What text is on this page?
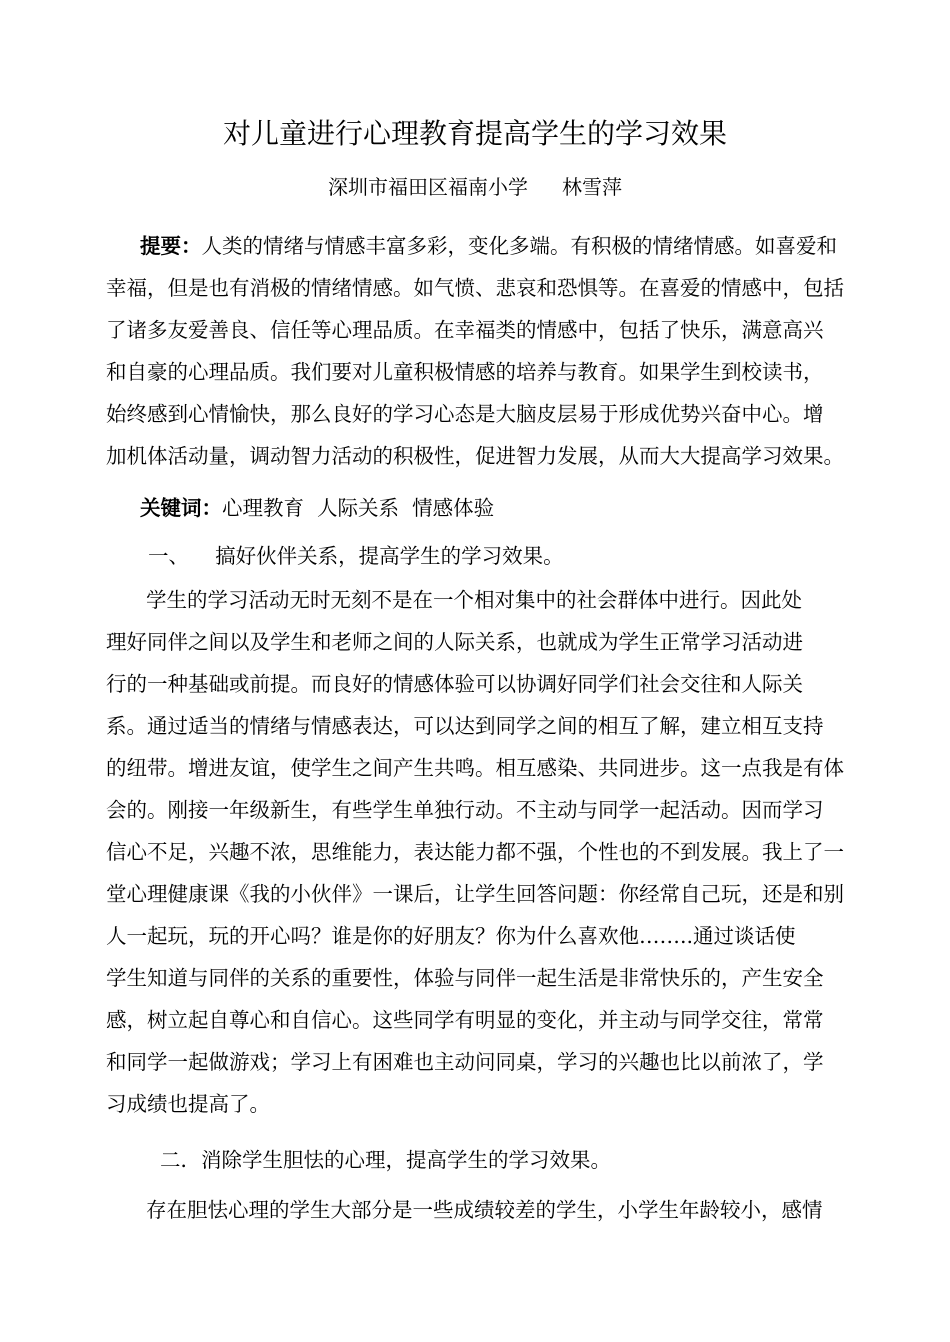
对儿童进行心理教育提高学生的学习效果
深圳市福田区福南小学 林雪萍
提要：人类的情绪与情感丰富多彩，变化多端。有积极的情绪情感。如喜爱和
幸福，但是也有消极的情绪情感。如气愤、悲哀和恐惧等。在喜爱的情感中，包括
了诸多友爱善良、信任等心理品质。在幸福类的情感中，包括了快乐，满意高兴
和自豪的心理品质。我们要对儿童积极情感的培养与教育。如果学生到校读书，
始终感到心情愉快，那么良好的学习心态是大脑皮层易于形成优势兴奋中心。增
加机体活动量，调动智力活动的积极性，促进智力发展，从而大大提高学习效果。
关键词：心理教育  人际关系  情感体验
一、    搞好伙伴关系，提高学生的学习效果。
学生的学习活动无时无刻不是在一个相对集中的社会群体中进行。因此处
理好同伴之间以及学生和老师之间的人际关系，也就成为学生正常学习活动进
行的一种基础或前提。而良好的情感体验可以协调好同学们社会交往和人际关
系。通过适当的情绪与情感表达，可以达到同学之间的相互了解，建立相互支持
的纽带。增进友谊，使学生之间产生共鸣。相互感染、共同进步。这一点我是有体
会的。刚接一年级新生，有些学生单独行动。不主动与同学一起活动。因而学习
信心不足，兴趣不浓，思维能力，表达能力都不强，个性也的不到发展。我上了一
堂心理健康课《我的小伙伴》一课后，让学生回答问题：你经常自己玩，还是和别
人一起玩，玩的开心吗？谁是你的好朋友？你为什么喜欢他……..通过谈话使
学生知道与同伴的关系的重要性，体验与同伴一起生活是非常快乐的，产生安全
感，树立起自尊心和自信心。这些同学有明显的变化，并主动与同学交往，常常
和同学一起做游戏；学习上有困难也主动问同桌，学习的兴趣也比以前浓了，学
习成绩也提高了。
二．消除学生胆怯的心理，提高学生的学习效果。
存在胆怯心理的学生大部分是一些成绩较差的学生，小学生年龄较小，感情
